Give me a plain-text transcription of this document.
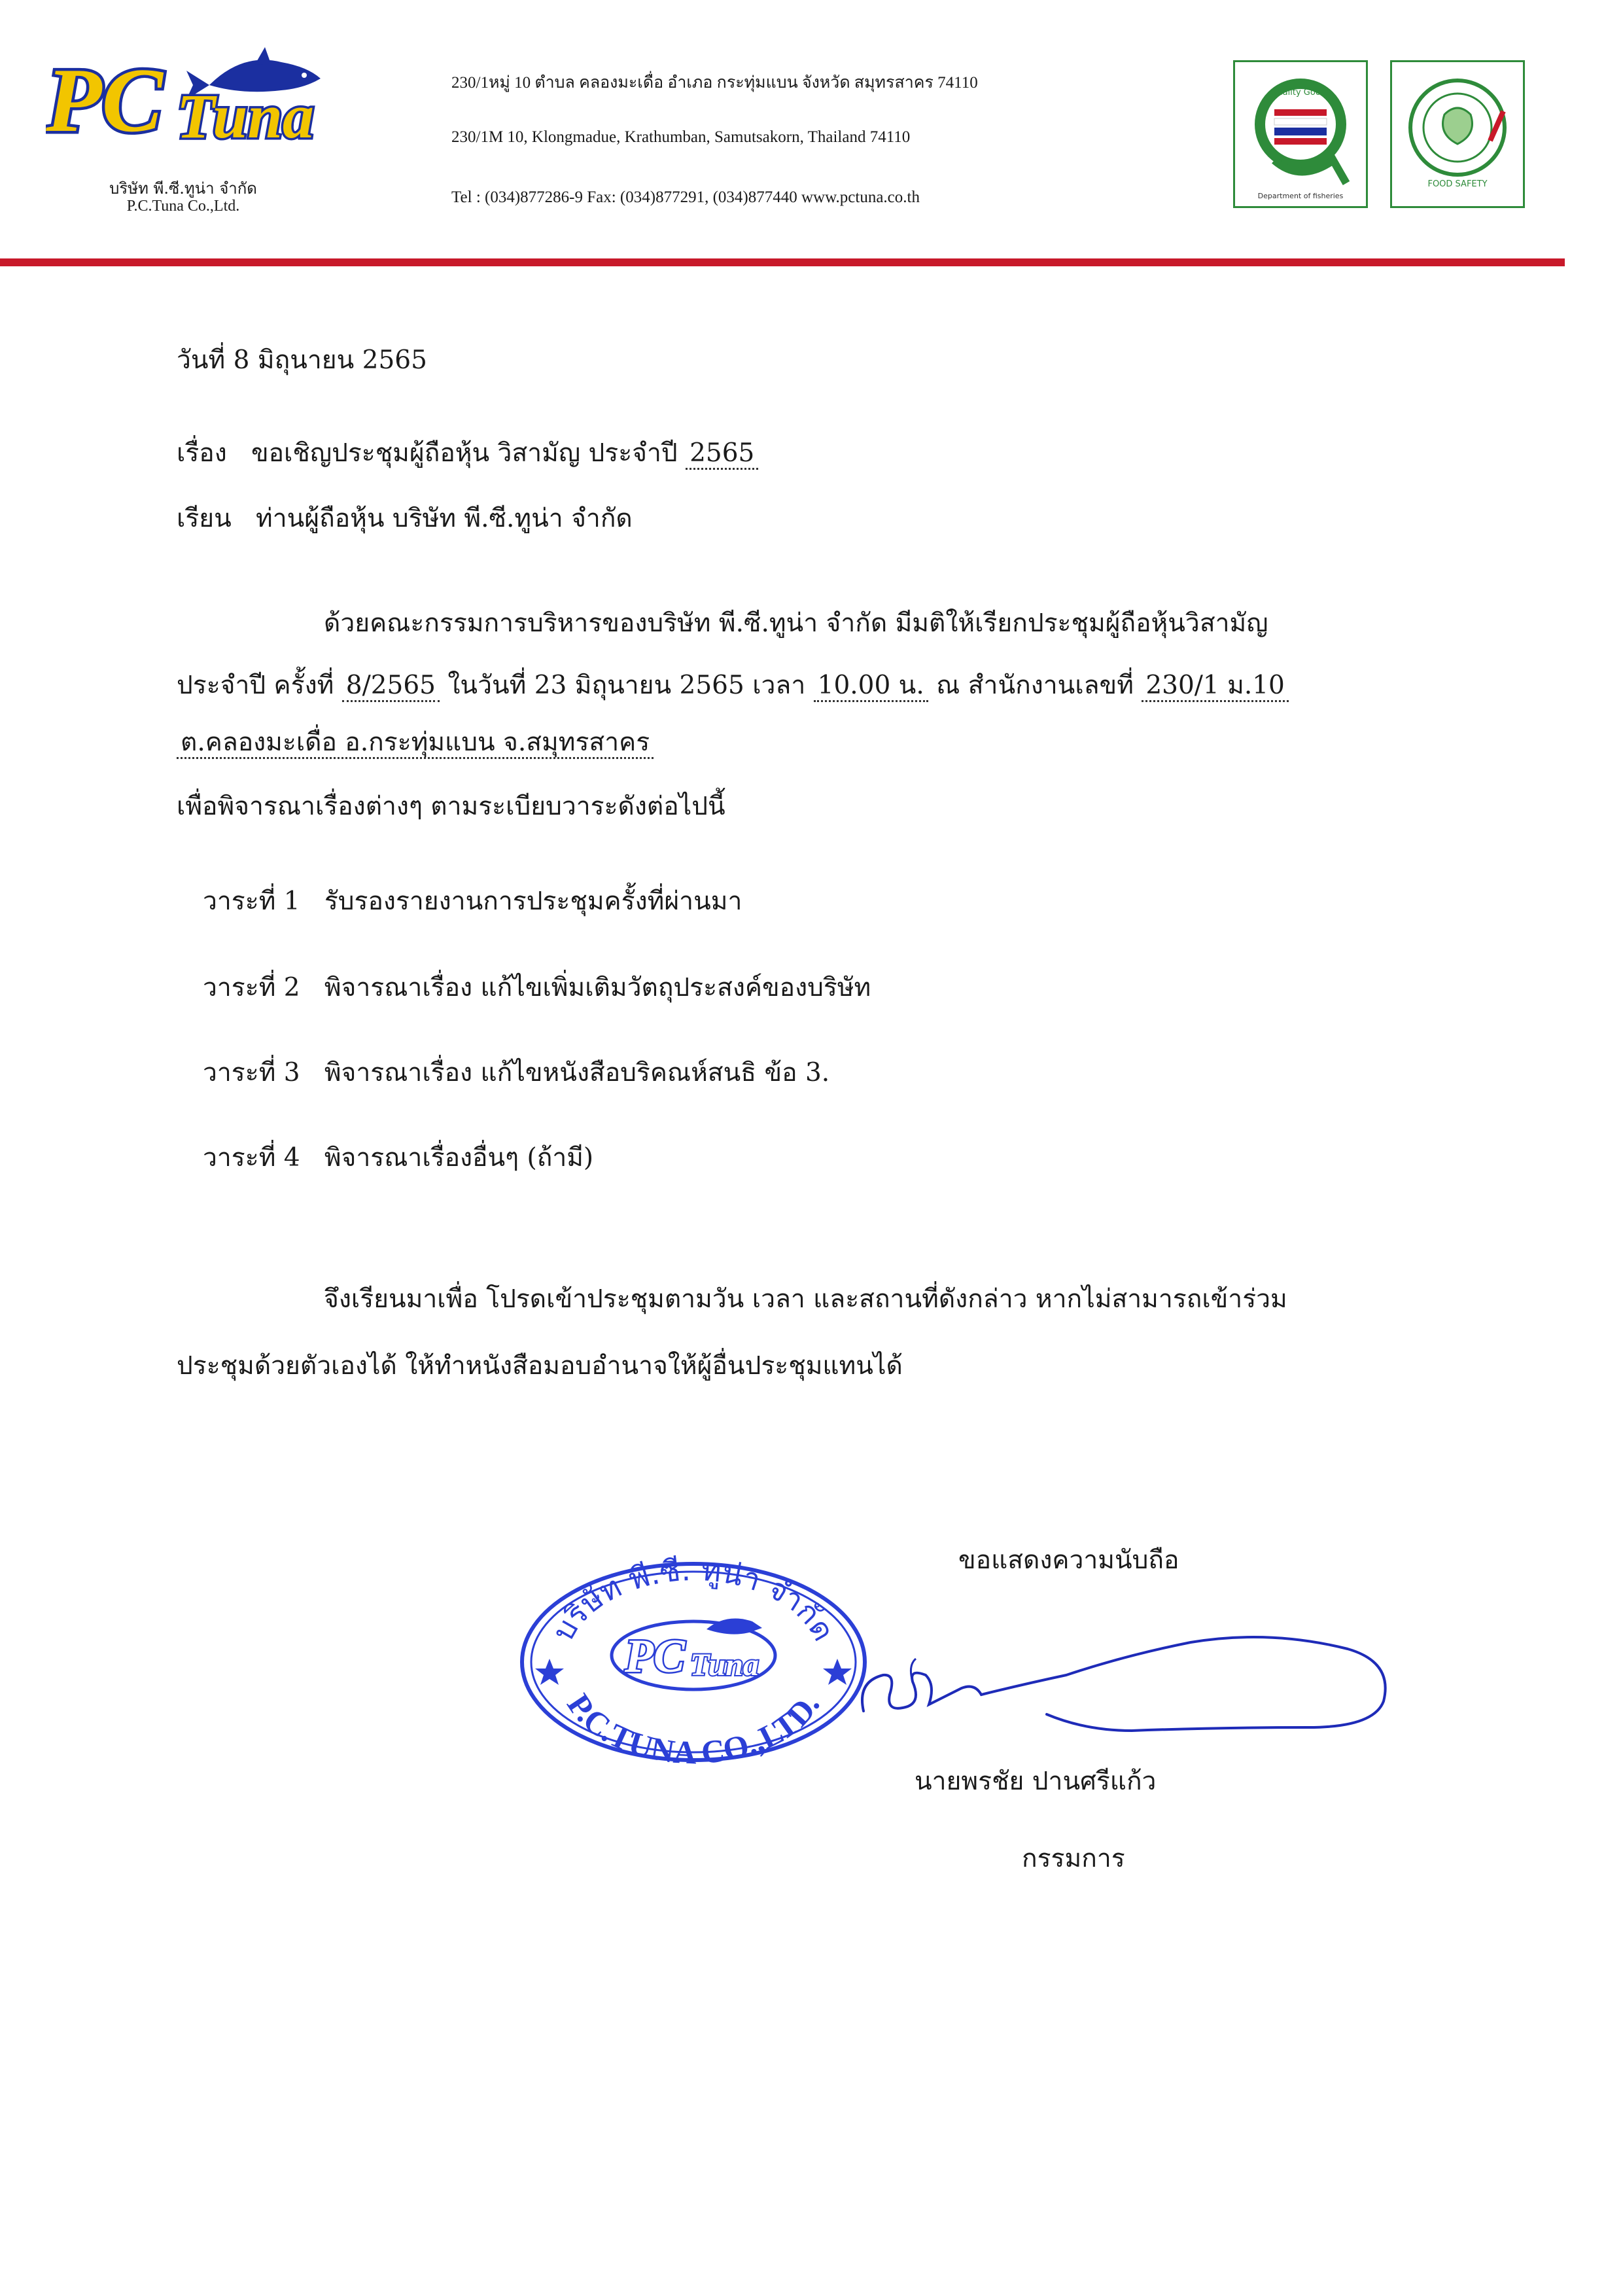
PC Tuna
บริษัท พี.ซี.ทูน่า จำกัด
P.C.Tuna Co.,Ltd.
230/1หมู่ 10 ตำบล คลองมะเดื่อ อำเภอ กระทุ่มแบน จังหวัด สมุทรสาคร 74110
230/1M 10, Klongmadue, Krathumban, Samutsakorn, Thailand 74110
Tel : (034)877286-9 Fax: (034)877291, (034)877440 www.pctuna.co.th
Quality Goods
Department of fisheries
FOOD SAFETY
วันที่ 8 มิถุนายน 2565
เรื่อง ขอเชิญประชุมผู้ถือหุ้น วิสามัญ ประจำปี 2565
เรียน ท่านผู้ถือหุ้น บริษัท พี.ซี.ทูน่า จำกัด
ด้วยคณะกรรมการบริหารของบริษัท พี.ซี.ทูน่า จำกัด มีมติให้เรียกประชุมผู้ถือหุ้นวิสามัญ
ประจำปี ครั้งที่ 8/2565 ในวันที่ 23 มิถุนายน 2565 เวลา 10.00 น. ณ สำนักงานเลขที่ 230/1 ม.10
ต.คลองมะเดื่อ อ.กระทุ่มแบน จ.สมุทรสาคร
เพื่อพิจารณาเรื่องต่างๆ ตามระเบียบวาระดังต่อไปนี้
วาระที่ 1 รับรองรายงานการประชุมครั้งที่ผ่านมา
วาระที่ 2 พิจารณาเรื่อง แก้ไขเพิ่มเติมวัตถุประสงค์ของบริษัท
วาระที่ 3 พิจารณาเรื่อง แก้ไขหนังสือบริคณห์สนธิ ข้อ 3.
วาระที่ 4 พิจารณาเรื่องอื่นๆ (ถ้ามี)
จึงเรียนมาเพื่อ โปรดเข้าประชุมตามวัน เวลา และสถานที่ดังกล่าว หากไม่สามารถเข้าร่วม
ประชุมด้วยตัวเองได้ ให้ทำหนังสือมอบอำนาจให้ผู้อื่นประชุมแทนได้
ขอแสดงความนับถือ
บริษัท พี.ซี. ทูน่า จำกัด
P.C.TUNA CO.,LTD.
PC Tuna
นายพรชัย ปานศรีแก้ว
กรรมการ
